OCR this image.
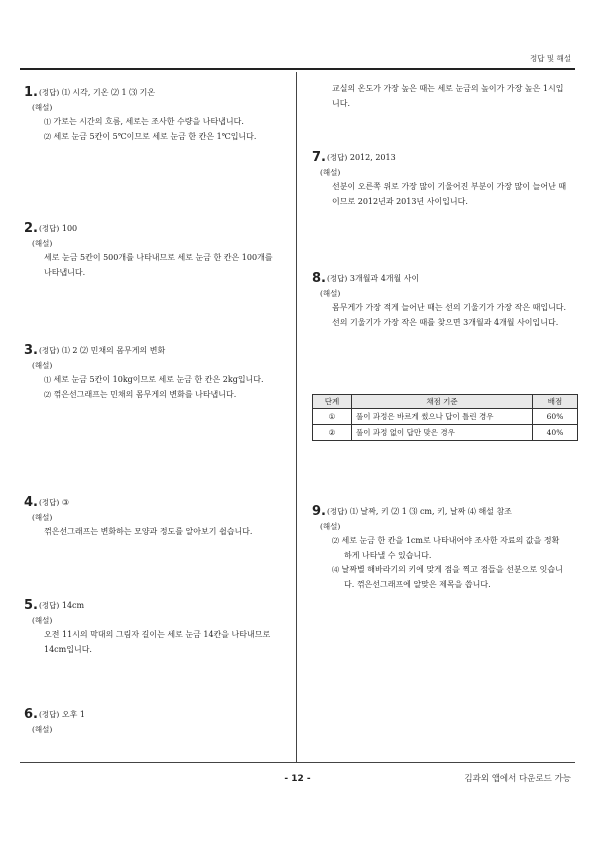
정답 및 해설
1.(정답) ⑴ 시각, 기온 ⑵ 1 ⑶ 기온
(해설)
⑴ 가로는 시간의 흐름, 세로는 조사한 수량을 나타냅니다.
⑵ 세로 눈금 5칸이 5℃이므로 세로 눈금 한 칸은 1℃입니다.
2.(정답) 100
(해설)
세로 눈금 5칸이 500개를 나타내므로 세로 눈금 한 칸은 100개를 나타냅니다.
3.(정답) ⑴ 2 ⑵ 민채의 몸무게의 변화
(해설)
⑴ 세로 눈금 5칸이 10kg이므로 세로 눈금 한 칸은 2kg입니다.
⑵ 꺾은선그래프는 민채의 몸무게의 변화를 나타냅니다.
4.(정답) ③
(해설)
꺾은선그래프는 변화하는 모양과 정도를 알아보기 쉽습니다.
5.(정답) 14cm
(해설)
오전 11시의 막대의 그림자 길이는 세로 눈금 14칸을 나타내므로 14cm입니다.
6.(정답) 오후 1
(해설)
교실의 온도가 가장 높은 때는 세로 눈금의 높이가 가장 높은 1시입니다.
7.(정답) 2012, 2013
(해설)
선분이 오른쪽 위로 가장 많이 기울어진 부분이 가장 많이 늘어난 때이므로 2012년과 2013년 사이입니다.
8.(정답) 3개월과 4개월 사이
(해설)
몸무게가 가장 적게 늘어난 때는 선의 기울기가 가장 작은 때입니다.
선의 기울기가 가장 작은 때를 찾으면 3개월과 4개월 사이입니다.
단계	채점 기준	배점
①	풀이 과정은 바르게 썼으나 답이 틀린 경우	60%
②	풀이 과정 없이 답만 맞은 경우	40%
9.(정답) ⑴ 날짜, 키 ⑵ 1 ⑶ cm, 키, 날짜 ⑷ 해설 참조
(해설)
⑵ 세로 눈금 한 칸을 1cm로 나타내어야 조사한 자료의 값을 정확하게 나타낼 수 있습니다.
⑷ 날짜별 해바라기의 키에 맞게 점을 찍고 점들을 선분으로 잇습니다. 꺾은선그래프에 알맞은 제목을 씁니다.
- 12 -	김과외 앱에서 다운로드 가능
